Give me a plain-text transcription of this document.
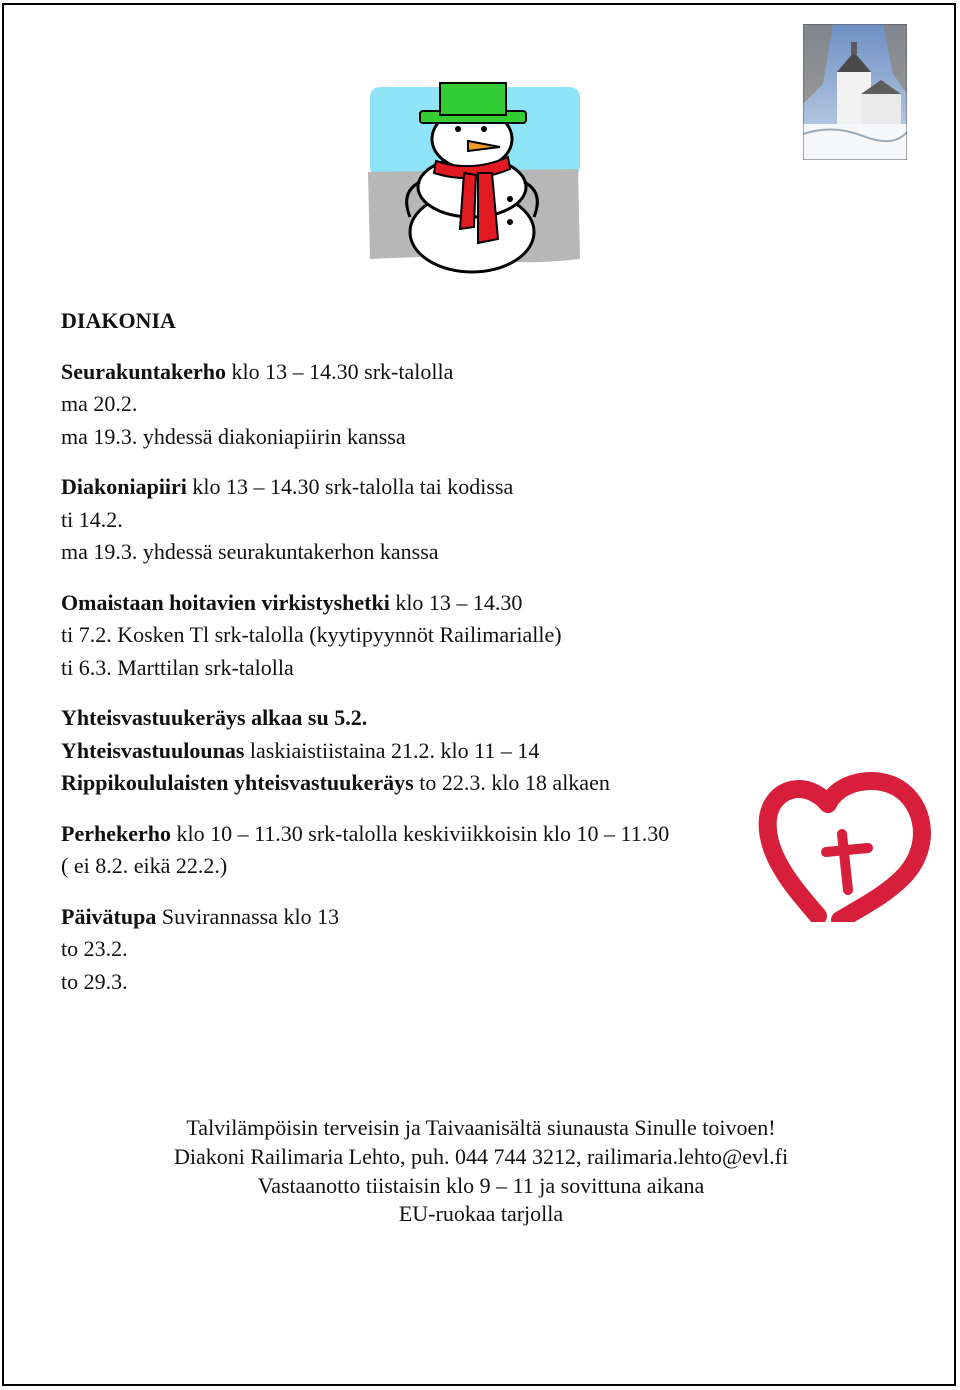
DIAKONIA
Seurakuntakerho klo 13 – 14.30 srk-talolla
ma 20.2.
ma 19.3. yhdessä diakoniapiirin kanssa
Diakoniapiiri klo 13 – 14.30 srk-talolla tai kodissa
ti 14.2.
ma 19.3. yhdessä seurakuntakerhon kanssa
Omaistaan hoitavien virkistyshetki klo 13 – 14.30
ti 7.2. Kosken Tl srk-talolla (kyytipyynnöt Railimarialle)
ti 6.3. Marttilan srk-talolla
Yhteisvastuukeräys alkaa su 5.2.
Yhteisvastuulounas laskiaistiistaina 21.2. klo 11 – 14
Rippikoululaisten yhteisvastuukeräys to 22.3. klo 18 alkaen
Perhekerho klo 10 – 11.30 srk-talolla keskiviikkoisin klo 10 – 11.30
( ei 8.2. eikä 22.2.)
Päivätupa Suvirannassa klo 13
to 23.2.
to 29.3.
Talvilämpöisin terveisin ja Taivaanisältä siunausta Sinulle toivoen!
Diakoni Railimaria Lehto, puh. 044 744 3212, railimaria.lehto@evl.fi
Vastaanotto tiistaisin klo 9 – 11 ja sovittuna aikana
EU-ruokaa tarjolla
